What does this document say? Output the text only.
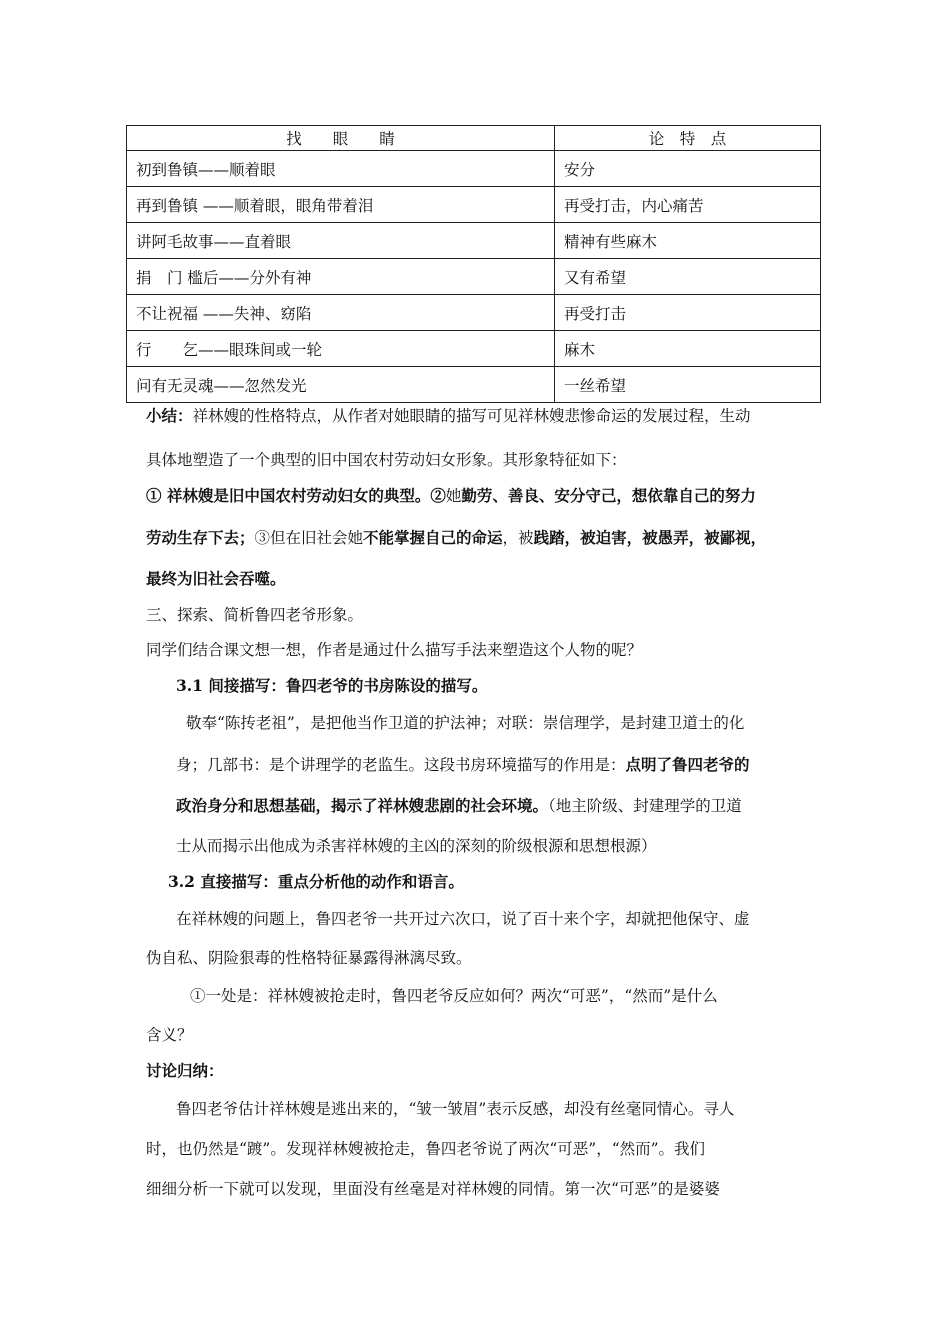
找　　眼　　睛	论　特　点
初到鲁镇——顺着眼	安分
再到鲁镇 ——顺着眼，眼角带着泪	再受打击，内心痛苦
讲阿毛故事——直着眼	精神有些麻木
捐　门 槛后——分外有神	又有希望
不让祝福 ——失神、窈陷	再受打击
行　　乞——眼珠间或一轮	麻木
问有无灵魂——忽然发光	一丝希望
小结：祥林嫂的性格特点，从作者对她眼睛的描写可见祥林嫂悲惨命运的发展过程，生动
具体地塑造了一个典型的旧中国农村劳动妇女形象。其形象特征如下：
① 祥林嫂是旧中国农村劳动妇女的典型。②她勤劳、善良、安分守己，想依靠自己的努力
劳动生存下去；③但在旧社会她不能掌握自己的命运，被践踏，被迫害，被愚弄，被鄙视，
最终为旧社会吞噬。
三、探索、简析鲁四老爷形象。
同学们结合课文想一想，作者是通过什么描写手法来塑造这个人物的呢？
3.1 间接描写：鲁四老爷的书房陈设的描写。
敬奉“陈抟老祖”，是把他当作卫道的护法神；对联：崇信理学，是封建卫道士的化
身；几部书：是个讲理学的老监生。这段书房环境描写的作用是：点明了鲁四老爷的
政治身分和思想基础，揭示了祥林嫂悲剧的社会环境。（地主阶级、封建理学的卫道
士从而揭示出他成为杀害祥林嫂的主凶的深刻的阶级根源和思想根源）
3.2 直接描写：重点分析他的动作和语言。
在祥林嫂的问题上，鲁四老爷一共开过六次口，说了百十来个字，却就把他保守、虚
伪自私、阴险狠毒的性格特征暴露得淋漓尽致。
①一处是：祥林嫂被抢走时，鲁四老爷反应如何？两次“可恶”，“然而”是什么
含义？
讨论归纳：
鲁四老爷估计祥林嫂是逃出来的，“皱一皱眉”表示反感，却没有丝毫同情心。寻人
时，也仍然是“踱”。发现祥林嫂被抢走，鲁四老爷说了两次“可恶”，“然而”。我们
细细分析一下就可以发现，里面没有丝毫是对祥林嫂的同情。第一次“可恶”的是婆婆
